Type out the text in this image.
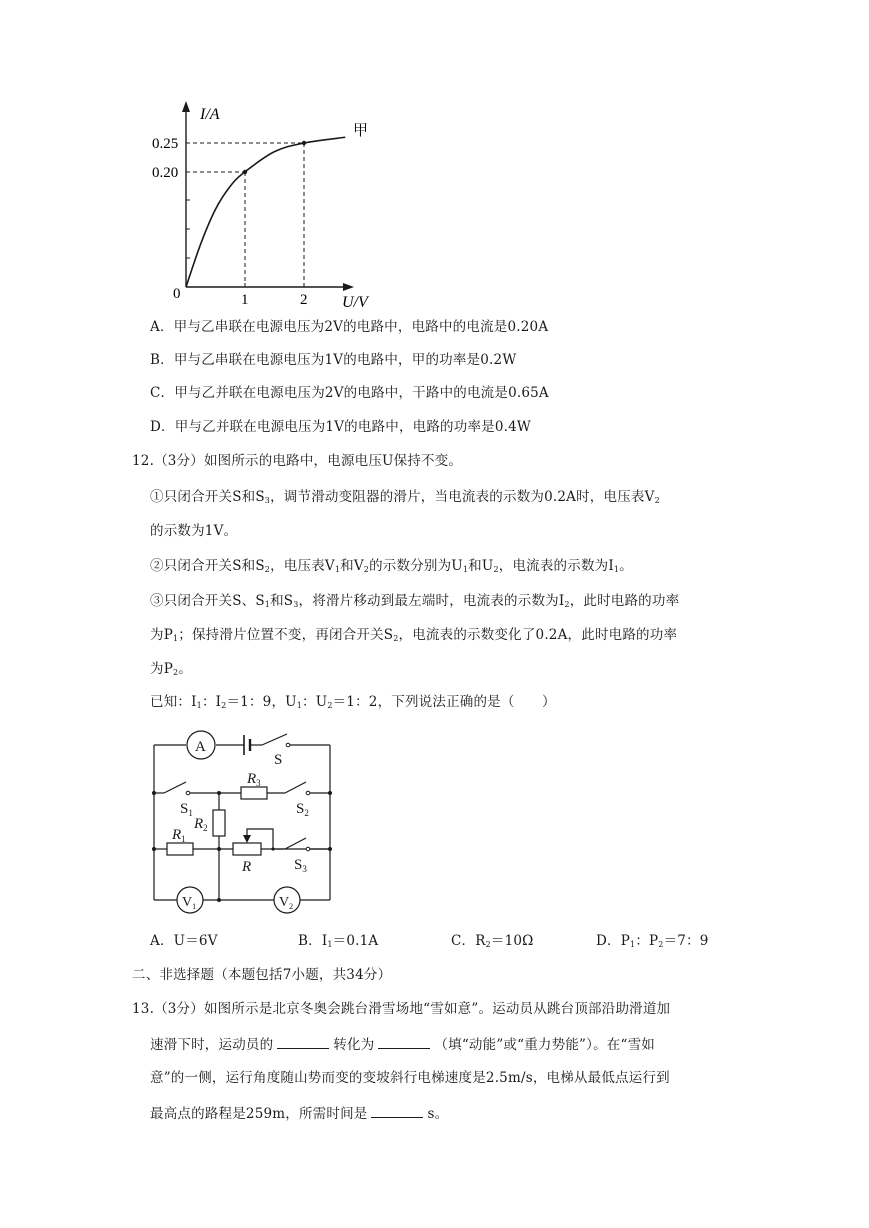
I/A
U/V
0
0.25
0.20
1	2
甲
A．甲与乙串联在电源电压为2V的电路中，电路中的电流是0.20A
B．甲与乙串联在电源电压为1V的电路中，甲的功率是0.2W
C．甲与乙并联在电源电压为2V的电路中，干路中的电流是0.65A
D．甲与乙并联在电源电压为1V的电路中，电路的功率是0.4W
12.（3分）如图所示的电路中，电源电压U保持不变。
①只闭合开关S和$S_3$，调节滑动变阻器的滑片，当电流表的示数为0.2A时，电压表$V_2$
的示数为1V。
②只闭合开关S和$S_2$，电压表$V_1$和$V_2$的示数分别为$U_1$和$U_2$，电流表的示数为$I_1$。
③只闭合开关S、$S_1$和$S_3$，将滑片移动到最左端时，电流表的示数为$I_2$，此时电路的功率
为$P_1$；保持滑片位置不变，再闭合开关$S_2$，电流表的示数变化了0.2A，此时电路的功率
为$P_2$。
已知：$I_1$：$I_2=1$：9，$U_1$：$U_2=1$：2，下列说法正确的是（　　）
A
S
$R_3$
$S_1$	$S_2$
$R_2$
$R_1$
R	$S_3$
$V_1$	$V_2$
A．U＝6V	B．$I_1=0.1A$	C．$R_2=10\Omega$	D．$P_1$：$P_2=7$：9
二、非选择题（本题包括7小题，共34分）
13.（3分）如图所示是北京冬奥会跳台滑雪场地“雪如意”。运动员从跳台顶部沿助滑道加
速滑下时，运动员的	转化为	（填“动能”或“重力势能”）。在“雪如
意”的一侧，运行角度随山势而变的变坡斜行电梯速度是2.5m/s，电梯从最低点运行到
最高点的路程是259m，所需时间是	s。
